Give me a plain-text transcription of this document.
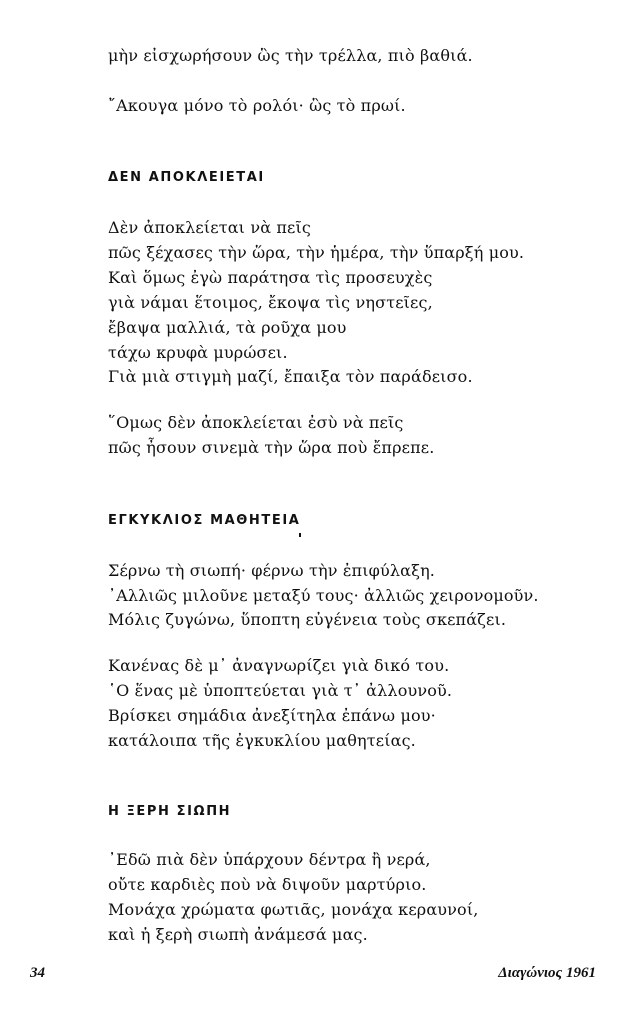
μὴν εἰσχωρήσουν ὣς τὴν τρέλλα, πιὸ βαθιά.
῎Ακουγα μόνο τὸ ρολόι· ὣς τὸ πρωί.
ΔΕΝ ΑΠΟΚΛΕΙΕΤΑΙ
Δὲν ἀποκλείεται νὰ πεῖς
πῶς ξέχασες τὴν ὥρα, τὴν ἡμέρα, τὴν ὕπαρξή μου.
Καὶ ὅμως ἐγὼ παράτησα τὶς προσευχὲς
γιὰ νάμαι ἕτοιμος, ἔκοψα τὶς νηστεῖες,
ἔβαψα μαλλιά, τὰ ροῦχα μου
τάχω κρυφὰ μυρώσει.
Γιὰ μιὰ στιγμὴ μαζί, ἔπαιξα τὸν παράδεισο.
῞Ομως δὲν ἀποκλείεται ἐσὺ νὰ πεῖς
πῶς ἦσουν σινεμὰ τὴν ὥρα ποὺ ἔπρεπε.
ΕΓΚΥΚΛΙΟΣ ΜΑΘΗΤΕΙΑ
Σέρνω τὴ σιωπή· φέρνω τὴν ἐπιφύλαξη.
᾿Αλλιῶς μιλοῦνε μεταξύ τους· ἀλλιῶς χειρονομοῦν.
Μόλις ζυγώνω, ὕποπτη εὐγένεια τοὺς σκεπάζει.
Κανένας δὲ μ᾿ ἀναγνωρίζει γιὰ δικό του.
῾Ο ἕνας μὲ ὑποπτεύεται γιὰ τ᾿ ἀλλουνοῦ.
Βρίσκει σημάδια ἀνεξίτηλα ἐπάνω μου·
κατάλοιπα τῆς ἐγκυκλίου μαθητείας.
Η ΞΕΡΗ ΣΙΩΠΗ
᾿Εδῶ πιὰ δὲν ὑπάρχουν δέντρα ἢ νερά,
οὔτε καρδιὲς ποὺ νὰ διψοῦν μαρτύριο.
Μονάχα χρώματα φωτιᾶς, μονάχα κεραυνοί,
καὶ ἡ ξερὴ σιωπὴ ἀνάμεσά μας.
34	Διαγώνιος 1961
